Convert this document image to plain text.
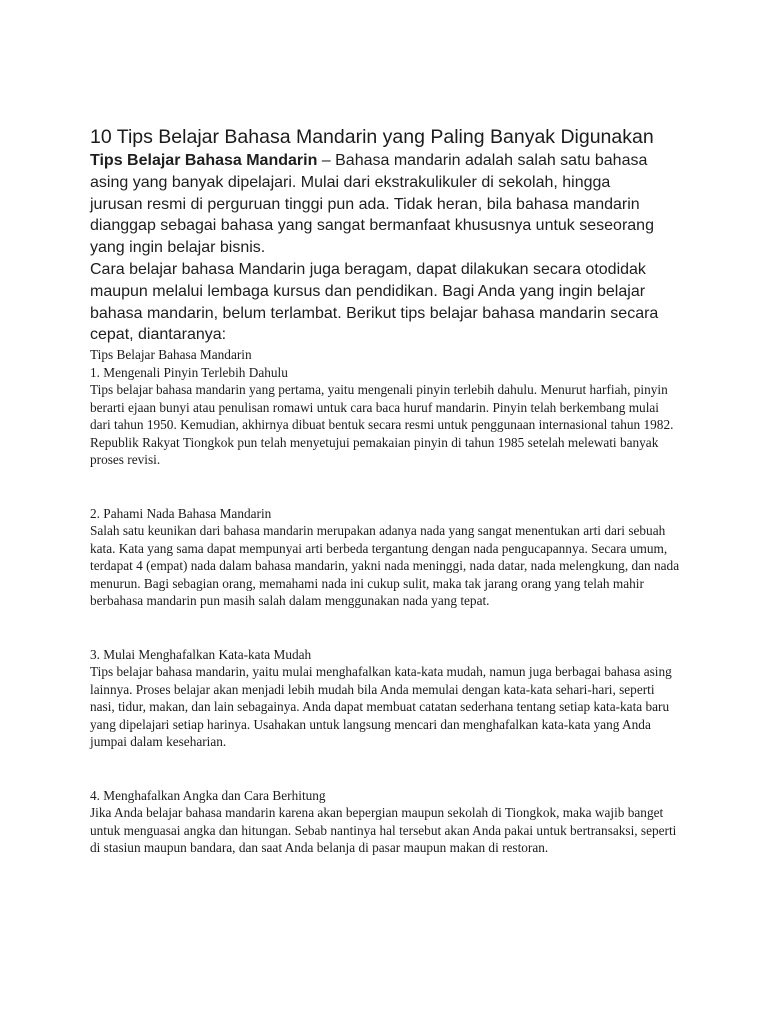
10 Tips Belajar Bahasa Mandarin yang Paling Banyak Digunakan

Tips Belajar Bahasa Mandarin – Bahasa mandarin adalah salah satu bahasa asing yang banyak dipelajari. Mulai dari ekstrakulikuler di sekolah, hingga jurusan resmi di perguruan tinggi pun ada. Tidak heran, bila bahasa mandarin dianggap sebagai bahasa yang sangat bermanfaat khususnya untuk seseorang yang ingin belajar bisnis.

Cara belajar bahasa Mandarin juga beragam, dapat dilakukan secara otodidak maupun melalui lembaga kursus dan pendidikan. Bagi Anda yang ingin belajar bahasa mandarin, belum terlambat. Berikut tips belajar bahasa mandarin secara cepat, diantaranya:

Tips Belajar Bahasa Mandarin

1. Mengenali Pinyin Terlebih Dahulu
Tips belajar bahasa mandarin yang pertama, yaitu mengenali pinyin terlebih dahulu. Menurut harfiah, pinyin berarti ejaan bunyi atau penulisan romawi untuk cara baca huruf mandarin. Pinyin telah berkembang mulai dari tahun 1950. Kemudian, akhirnya dibuat bentuk secara resmi untuk penggunaan internasional tahun 1982. Republik Rakyat Tiongkok pun telah menyetujui pemakaian pinyin di tahun 1985 setelah melewati banyak proses revisi.
2. Pahami Nada Bahasa Mandarin
Salah satu keunikan dari bahasa mandarin merupakan adanya nada yang sangat menentukan arti dari sebuah kata. Kata yang sama dapat mempunyai arti berbeda tergantung dengan nada pengucapannya. Secara umum, terdapat 4 (empat) nada dalam bahasa mandarin, yakni nada meninggi, nada datar, nada melengkung, dan nada menurun. Bagi sebagian orang, memahami nada ini cukup sulit, maka tak jarang orang yang telah mahir berbahasa mandarin pun masih salah dalam menggunakan nada yang tepat.
3. Mulai Menghafalkan Kata-kata Mudah
Tips belajar bahasa mandarin, yaitu mulai menghafalkan kata-kata mudah, namun juga berbagai bahasa asing lainnya. Proses belajar akan menjadi lebih mudah bila Anda memulai dengan kata-kata sehari-hari, seperti nasi, tidur, makan, dan lain sebagainya. Anda dapat membuat catatan sederhana tentang setiap kata-kata baru yang dipelajari setiap harinya. Usahakan untuk langsung mencari dan menghafalkan kata-kata yang Anda jumpai dalam keseharian.
4. Menghafalkan Angka dan Cara Berhitung
Jika Anda belajar bahasa mandarin karena akan bepergian maupun sekolah di Tiongkok, maka wajib banget untuk menguasai angka dan hitungan. Sebab nantinya hal tersebut akan Anda pakai untuk bertransaksi, seperti di stasiun maupun bandara, dan saat Anda belanja di pasar maupun makan di restoran.
